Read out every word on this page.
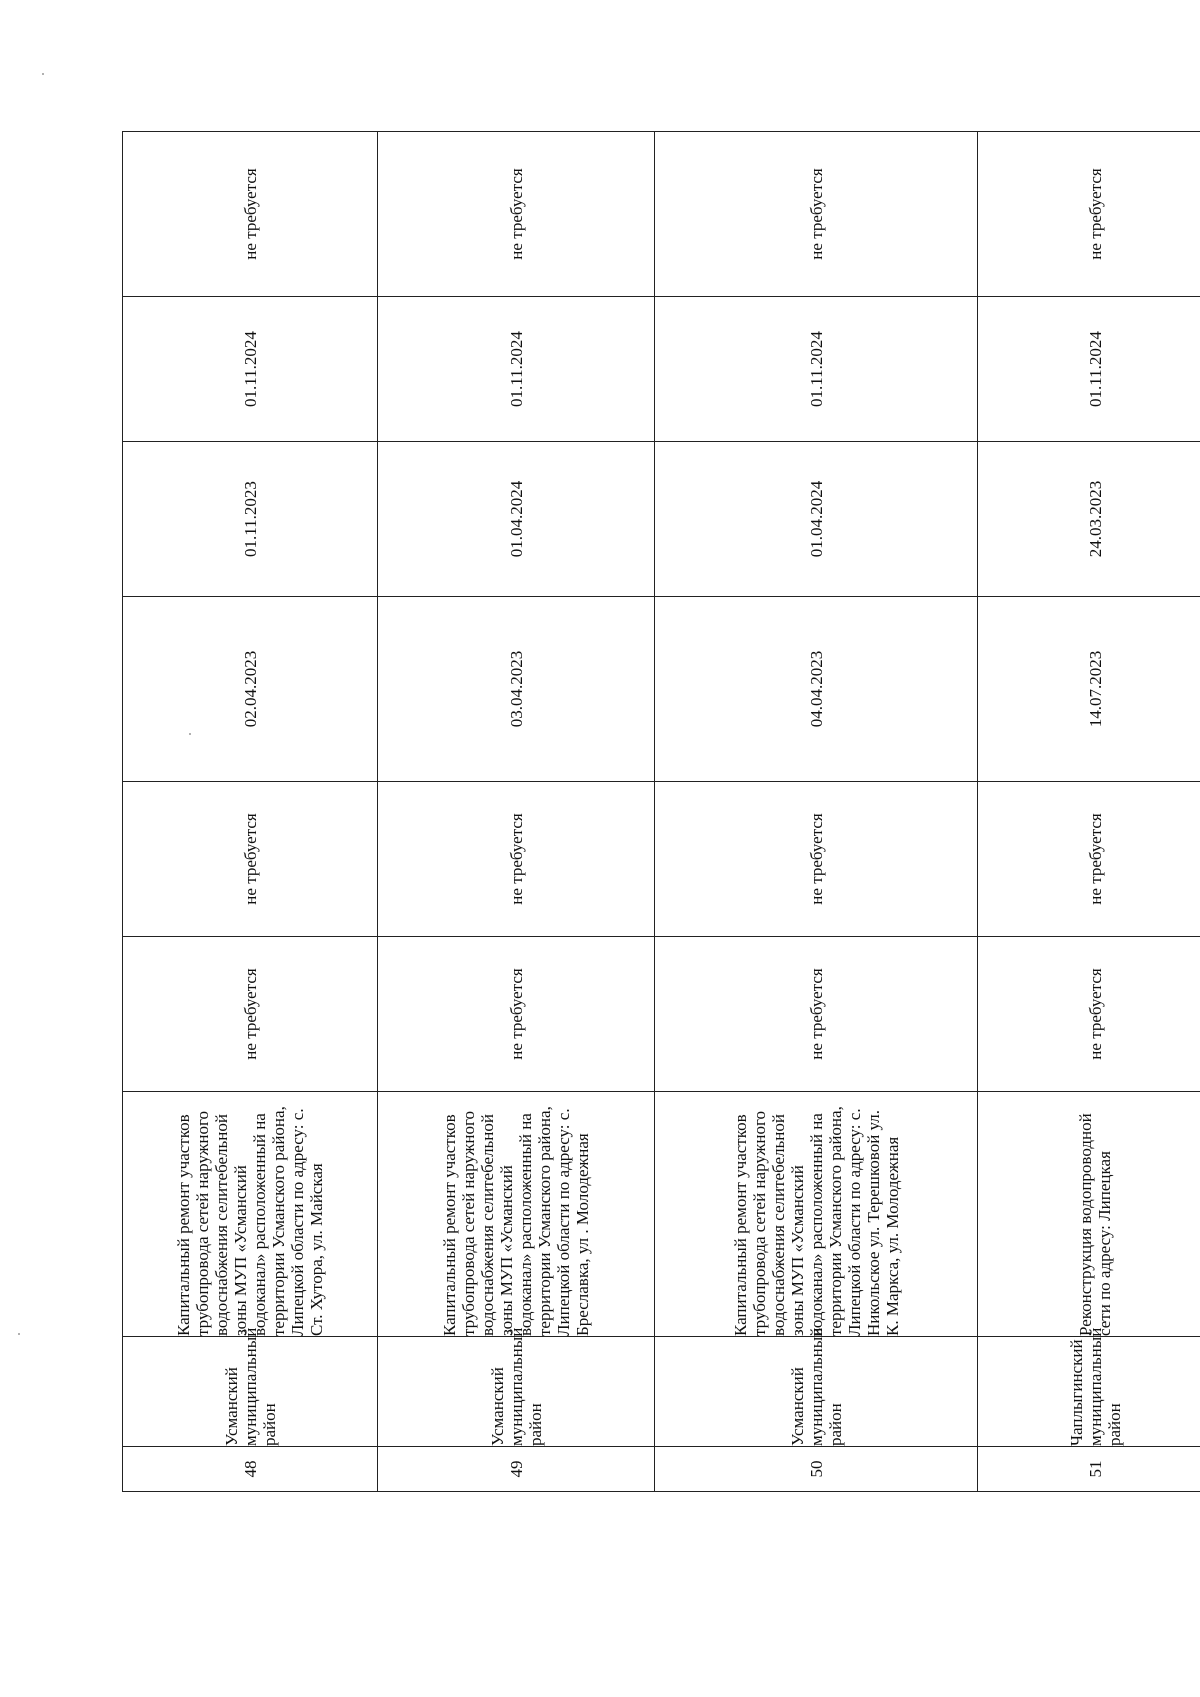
48	Усманский муниципальный район	Капитальный ремонт участков трубопровода сетей наружного водоснабжения селитебельной зоны МУП «Усманский водоканал» расположенный на территории Усманского района, Липецкой области по адресу: с. Ст. Хутора, ул. Майская	не требуется	не требуется	02.04.2023	01.11.2023	01.11.2024	не требуется
49	Усманский муниципальный район	Капитальный ремонт участков трубопровода сетей наружного водоснабжения селитебельной зоны МУП «Усманский водоканал» расположенный на территории Усманского района, Липецкой области по адресу: с. Бреславка, ул . Молодежная	не требуется	не требуется	03.04.2023	01.04.2024	01.11.2024	не требуется
50	Усманский муниципальный район	Капитальный ремонт участков трубопровода сетей наружного водоснабжения селитебельной зоны МУП «Усманский водоканал» расположенный на территории Усманского района, Липецкой области по адресу: с. Никольское ул. Терешковой ул. К. Маркса, ул. Молодежная	не требуется	не требуется	04.04.2023	01.04.2024	01.11.2024	не требуется
51	Чаплыгинский муниципальный район	Реконструкция водопроводной сети по адресу: Липецкая	не требуется	не требуется	14.07.2023	24.03.2023	01.11.2024	не требуется
